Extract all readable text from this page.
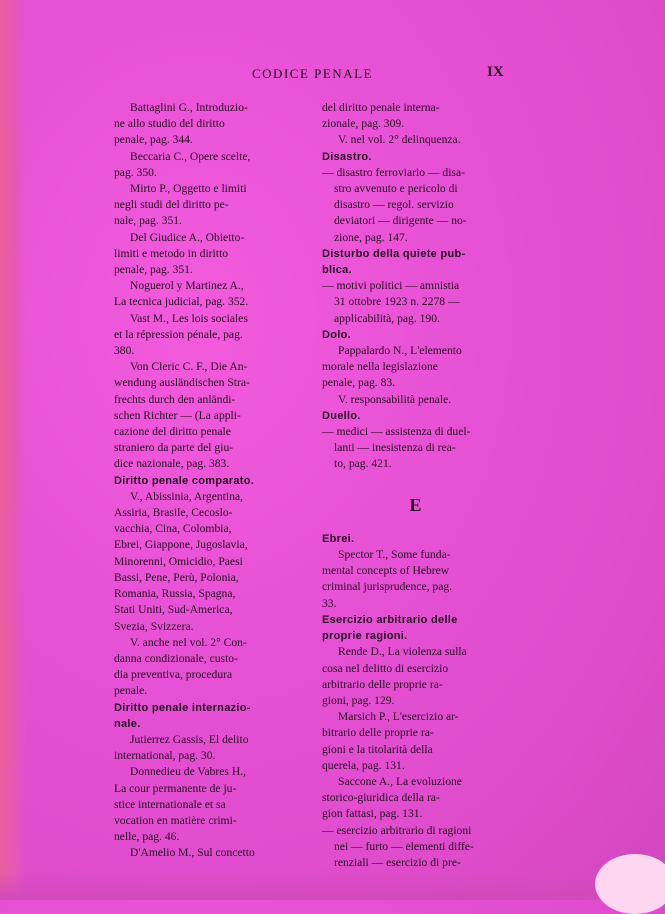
CODICE PENALE	IX
Battaglini G., Introduzio-
ne allo studio del diritto
penale, pag. 344.
Beccaria C., Opere scelte,
pag. 350.
Mirto P., Oggetto e limiti
negli studi del diritto pe-
nale, pag. 351.
Del Giudice A., Obietto-
limiti e metodo in diritto
penale, pag. 351.
Noguerol y Martinez A.,
La tecnica judicial, pag. 352.
Vast M., Les lois sociales
et la répression pénale, pag.
380.
Von Cleric C. F., Die An-
wendung ausländischen Stra-
frechts durch den anländi-
schen Richter — (La appli-
cazione del diritto penale
straniero da parte del giu-
dice nazionale, pag. 383.
Diritto penale comparato.
V., Abissinia, Argentina,
Assiria, Brasile, Cecoslo-
vacchia, Cina, Colombia,
Ebrei, Giappone, Jugoslavia,
Minorenni, Omicidio, Paesi
Bassi, Pene, Perù, Polonia,
Romania, Russia, Spagna,
Stati Uniti, Sud-America,
Svezia, Svizzera.
V. anche nel vol. 2° Con-
danna condizionale, custo-
dia preventiva, procedura
penale.
Diritto penale internazio-
nale.
Jutierrez Gassis, El delito
international, pag. 30.
Donnedieu de Vabres H.,
La cour permanente de ju-
stice internationale et sa
vocation en matière crimi-
nelle, pag. 46.
D'Amelio M., Sul concetto
del diritto penale interna-
zionale, pag. 309.
V. nel vol. 2° delinquenza.
Disastro.
— disastro ferroviario — disa-
stro avvenuto e pericolo di
disastro — regol. servizio
deviatori — dirigente — no-
zione, pag. 147.
Disturbo della quiete pub-
blica.
— motivi politici — amnistia
31 ottobre 1923 n. 2278 —
applicabilità, pag. 190.
Dolo.
Pappalardo N., L'elemento
morale nella legislazione
penale, pag. 83.
V. responsabilità penale.
Duello.
— medici — assistenza di duel-
lanti — inesistenza di rea-
to, pag. 421.
E
Ebrei.
Spector T., Some funda-
mental concepts of Hebrew
criminal jurisprudence, pag.
33.
Esercizio arbitrario delle
proprie ragioni.
Rende D., La violenza sulla
cosa nel delitto di esercizio
arbitrario delle proprie ra-
gioni, pag. 129.
Marsich P., L'esercizio ar-
bitrario delle proprie ra-
gioni e la titolarità della
querela, pag. 131.
Saccone A., La evoluzione
storico-giuridica della ra-
gion fattasi, pag. 131.
— esercizio arbitrario di ragioni
nei — furto — elementi diffe-
renziali — esercizio di pre-
